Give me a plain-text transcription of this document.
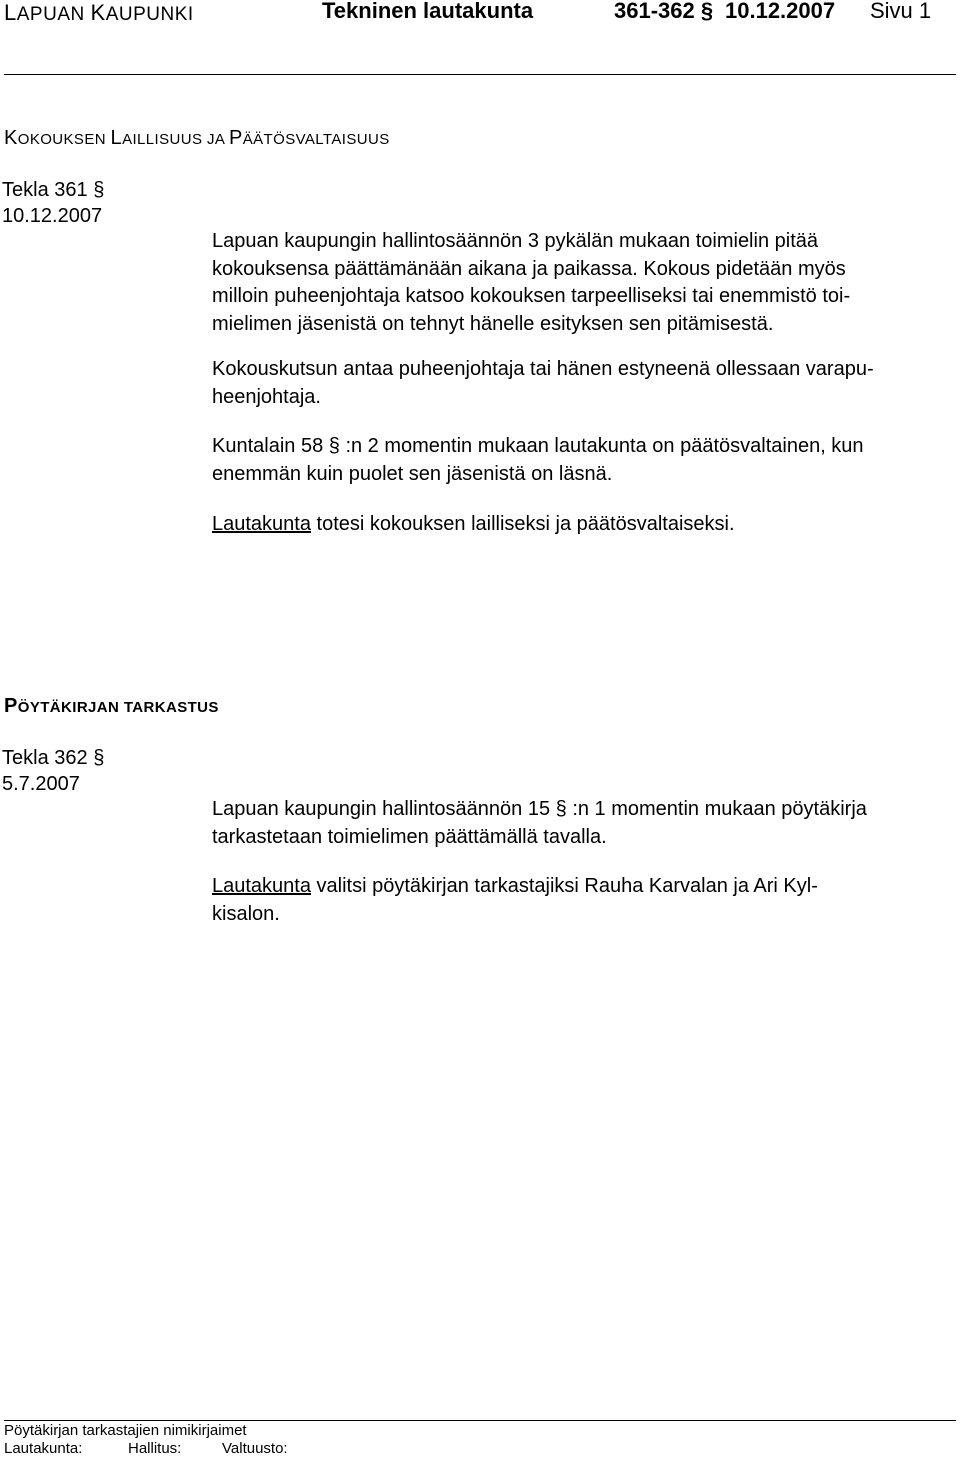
LAPUAN KAUPUNKI	Tekninen lautakunta	361-362 § 10.12.2007 Sivu 1
KOKOUKSEN LAILLISUUS JA PÄÄTÖSVALTAISUUS
Tekla 361 §
10.12.2007
Lapuan kaupungin hallintosäännön 3 pykälän mukaan toimielin pitää
kokouksensa päättämänään aikana ja paikassa. Kokous pidetään myös
milloin puheenjohtaja katsoo kokouksen tarpeelliseksi tai enemmistö toi-
mielimen jäsenistä on tehnyt hänelle esityksen sen pitämisestä.
Kokouskutsun antaa puheenjohtaja tai hänen estyneenä ollessaan varapu-
heenjohtaja.
Kuntalain 58 § :n 2 momentin mukaan lautakunta on päätösvaltainen, kun
enemmän kuin puolet sen jäsenistä on läsnä.
Lautakunta totesi kokouksen lailliseksi ja päätösvaltaiseksi.
PÖYTÄKIRJAN TARKASTUS
Tekla 362 §
5.7.2007
Lapuan kaupungin hallintosäännön 15 § :n 1 momentin mukaan pöytäkirja
tarkastetaan toimielimen päättämällä tavalla.
Lautakunta valitsi pöytäkirjan tarkastajiksi Rauha Karvalan ja Ari Kyl-
kisalon.
Pöytäkirjan tarkastajien nimikirjaimet
Lautakunta:	Hallitus:	Valtuusto:
